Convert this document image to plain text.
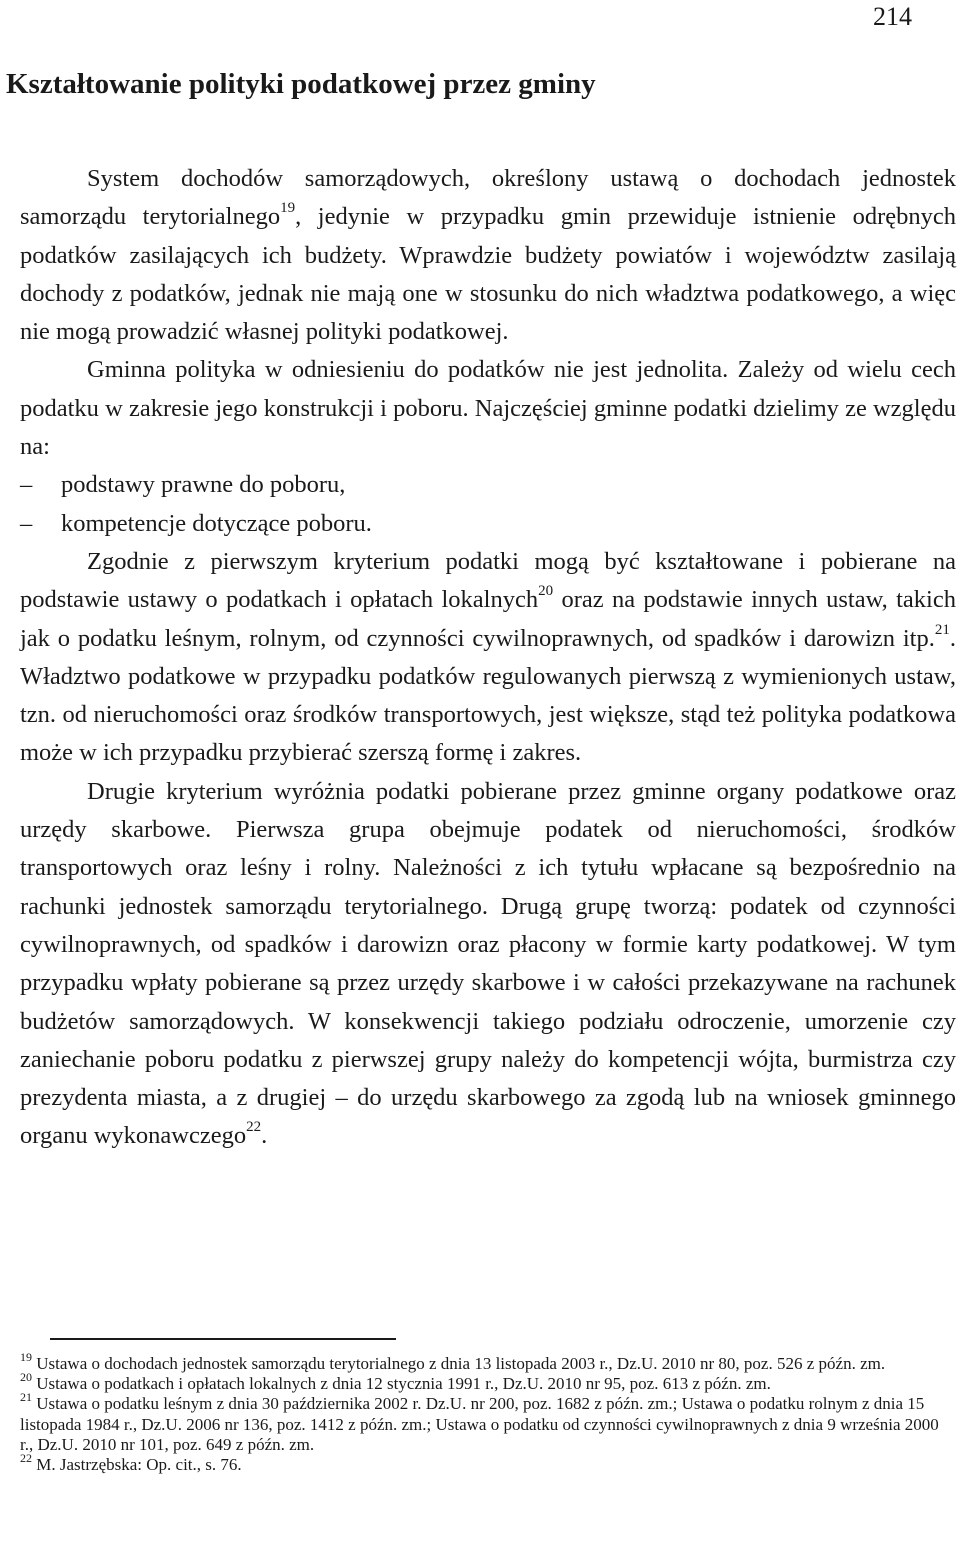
214
Kształtowanie polityki podatkowej przez gminy

System dochodów samorządowych, określony ustawą o dochodach jednostek samorządu terytorialnego$^{19}$, jedynie w przypadku gmin przewiduje istnienie odrębnych podatków zasilających ich budżety. Wprawdzie budżety powiatów i województw zasilają dochody z podatków, jednak nie mają one w stosunku do nich władztwa podatkowego, a więc nie mogą prowadzić własnej polityki podatkowej.

Gminna polityka w odniesieniu do podatków nie jest jednolita. Zależy od wielu cech podatku w zakresie jego konstrukcji i poboru. Najczęściej gminne podatki dzielimy ze względu na:

– podstawy prawne do poboru,
– kompetencje dotyczące poboru.

Zgodnie z pierwszym kryterium podatki mogą być kształtowane i pobierane na podstawie ustawy o podatkach i opłatach lokalnych$^{20}$ oraz na podstawie innych ustaw, takich jak o podatku leśnym, rolnym, od czynności cywilnoprawnych, od spadków i darowizn itp.$^{21}$. Władztwo podatkowe w przypadku podatków regulowanych pierwszą z wymienionych ustaw, tzn. od nieruchomości oraz środków transportowych, jest większe, stąd też polityka podatkowa może w ich przypadku przybierać szerszą formę i zakres.

Drugie kryterium wyróżnia podatki pobierane przez gminne organy podatkowe oraz urzędy skarbowe. Pierwsza grupa obejmuje podatek od nieruchomości, środków transportowych oraz leśny i rolny. Należności z ich tytułu wpłacane są bezpośrednio na rachunki jednostek samorządu terytorialnego. Drugą grupę tworzą: podatek od czynności cywilnoprawnych, od spadków i darowizn oraz płacony w formie karty podatkowej. W tym przypadku wpłaty pobierane są przez urzędy skarbowe i w całości przekazywane na rachunek budżetów samorządowych. W konsekwencji takiego podziału odroczenie, umorzenie czy zaniechanie poboru podatku z pierwszej grupy należy do kompetencji wójta, burmistrza czy prezydenta miasta, a z drugiej – do urzędu skarbowego za zgodą lub na wniosek gminnego organu wykonawczego$^{22}$.

$^{19}$ Ustawa o dochodach jednostek samorządu terytorialnego z dnia 13 listopada 2003 r., Dz.U. 2010 nr 80, poz. 526 z późn. zm.

$^{20}$ Ustawa o podatkach i opłatach lokalnych z dnia 12 stycznia 1991 r., Dz.U. 2010 nr 95, poz. 613 z późn. zm.

$^{21}$ Ustawa o podatku leśnym z dnia 30 października 2002 r. Dz.U. nr 200, poz. 1682 z późn. zm.; Ustawa o podatku rolnym z dnia 15 listopada 1984 r., Dz.U. 2006 nr 136, poz. 1412 z późn. zm.; Ustawa o podatku od czynności cywilnoprawnych z dnia 9 września 2000 r., Dz.U. 2010 nr 101, poz. 649 z późn. zm.

$^{22}$ M. Jastrzębska: Op. cit., s. 76.
